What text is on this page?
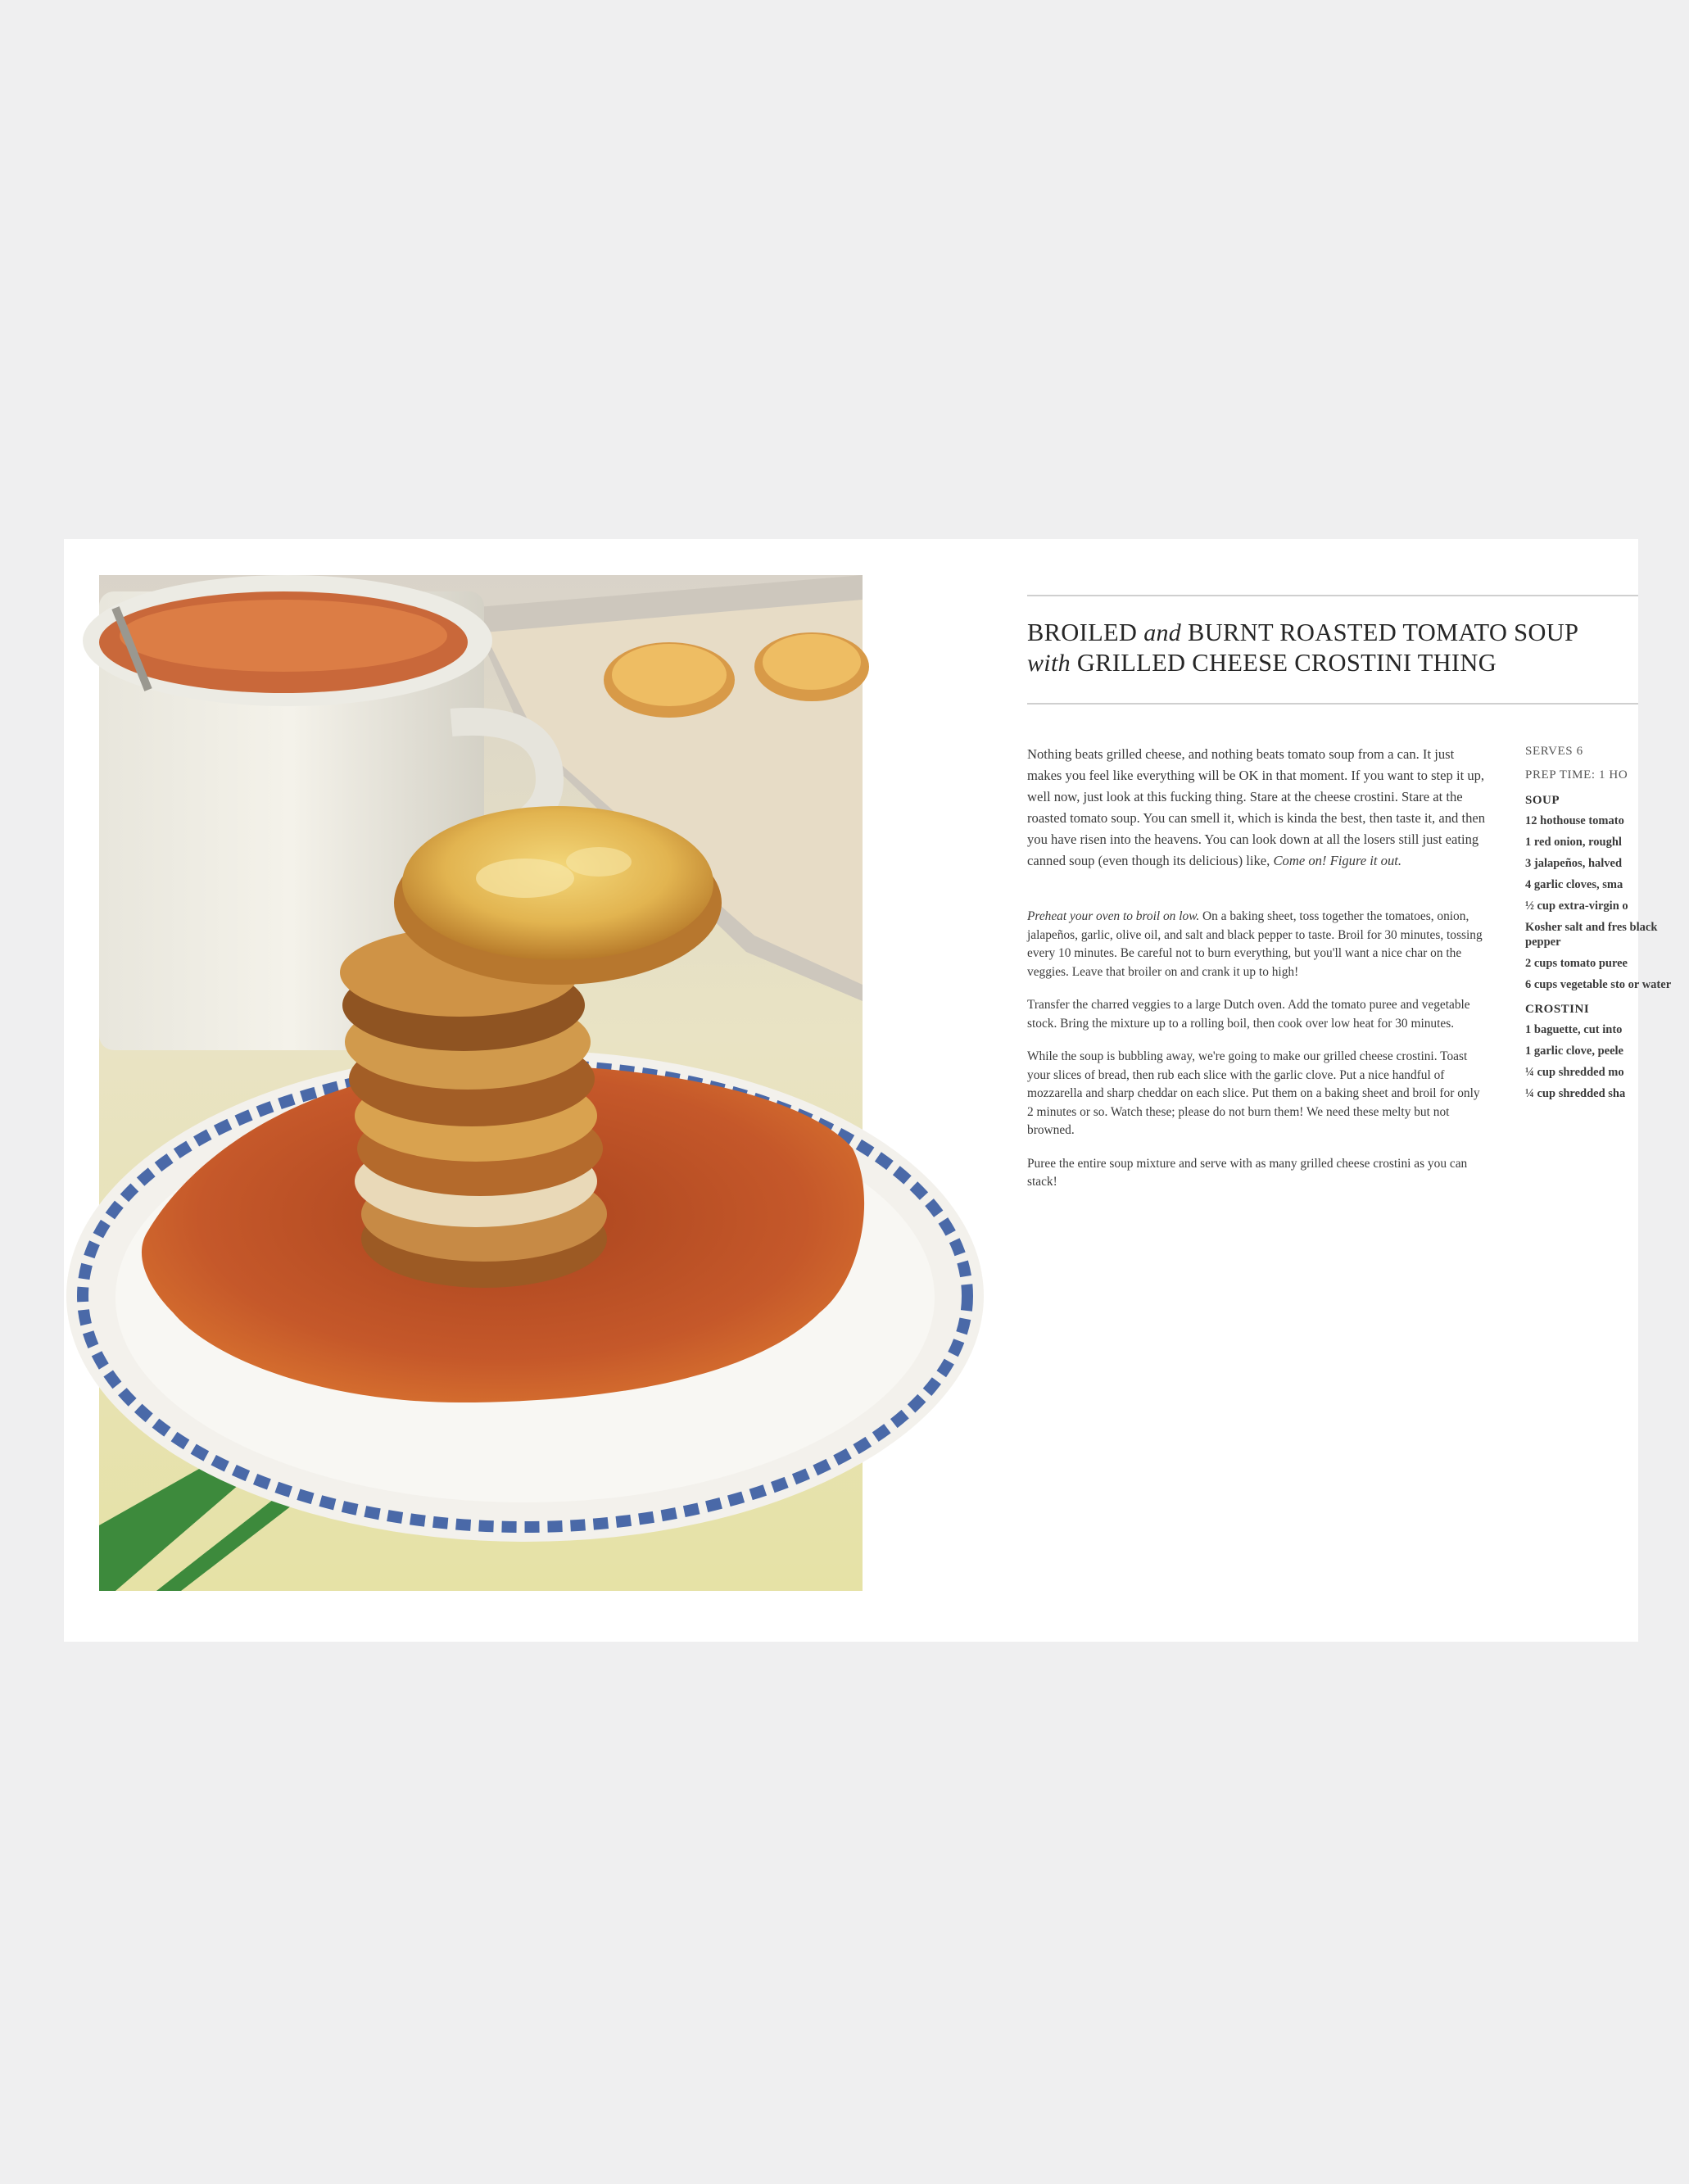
BROILED and BURNT ROASTED TOMATO SOUP
with GRILLED CHEESE CROSTINI THING

Nothing beats grilled cheese, and nothing beats tomato soup from a can. It just makes you feel like everything will be OK in that moment. If you want to step it up, well now, just look at this fucking thing. Stare at the cheese crostini. Stare at the roasted tomato soup. You can smell it, which is kinda the best, then taste it, and then you have risen into the heavens. You can look down at all the losers still just eating canned soup (even though its delicious) like, Come on! Figure it out.

Preheat your oven to broil on low. On a baking sheet, toss together the tomatoes, onion, jalapeños, garlic, olive oil, and salt and black pepper to taste. Broil for 30 minutes, tossing every 10 minutes. Be careful not to burn everything, but you'll want a nice char on the veggies. Leave that broiler on and crank it up to high!

Transfer the charred veggies to a large Dutch oven. Add the tomato puree and vegetable stock. Bring the mixture up to a rolling boil, then cook over low heat for 30 minutes.

While the soup is bubbling away, we're going to make our grilled cheese crostini. Toast your slices of bread, then rub each slice with the garlic clove. Put a nice handful of mozzarella and sharp cheddar on each slice. Put them on a baking sheet and broil for only 2 minutes or so. Watch these; please do not burn them! We need these melty but not browned.

Puree the entire soup mixture and serve with as many grilled cheese crostini as you can stack!

SERVES 6

PREP TIME: 1 HO

SOUP

12 hothouse tomato

1 red onion, roughl

3 jalapeños, halved

4 garlic cloves, sma

½ cup extra-virgin o

Kosher salt and fres black pepper

2 cups tomato puree

6 cups vegetable sto or water

CROSTINI

1 baguette, cut into

1 garlic clove, peele

¼ cup shredded mo

¼ cup shredded sha
